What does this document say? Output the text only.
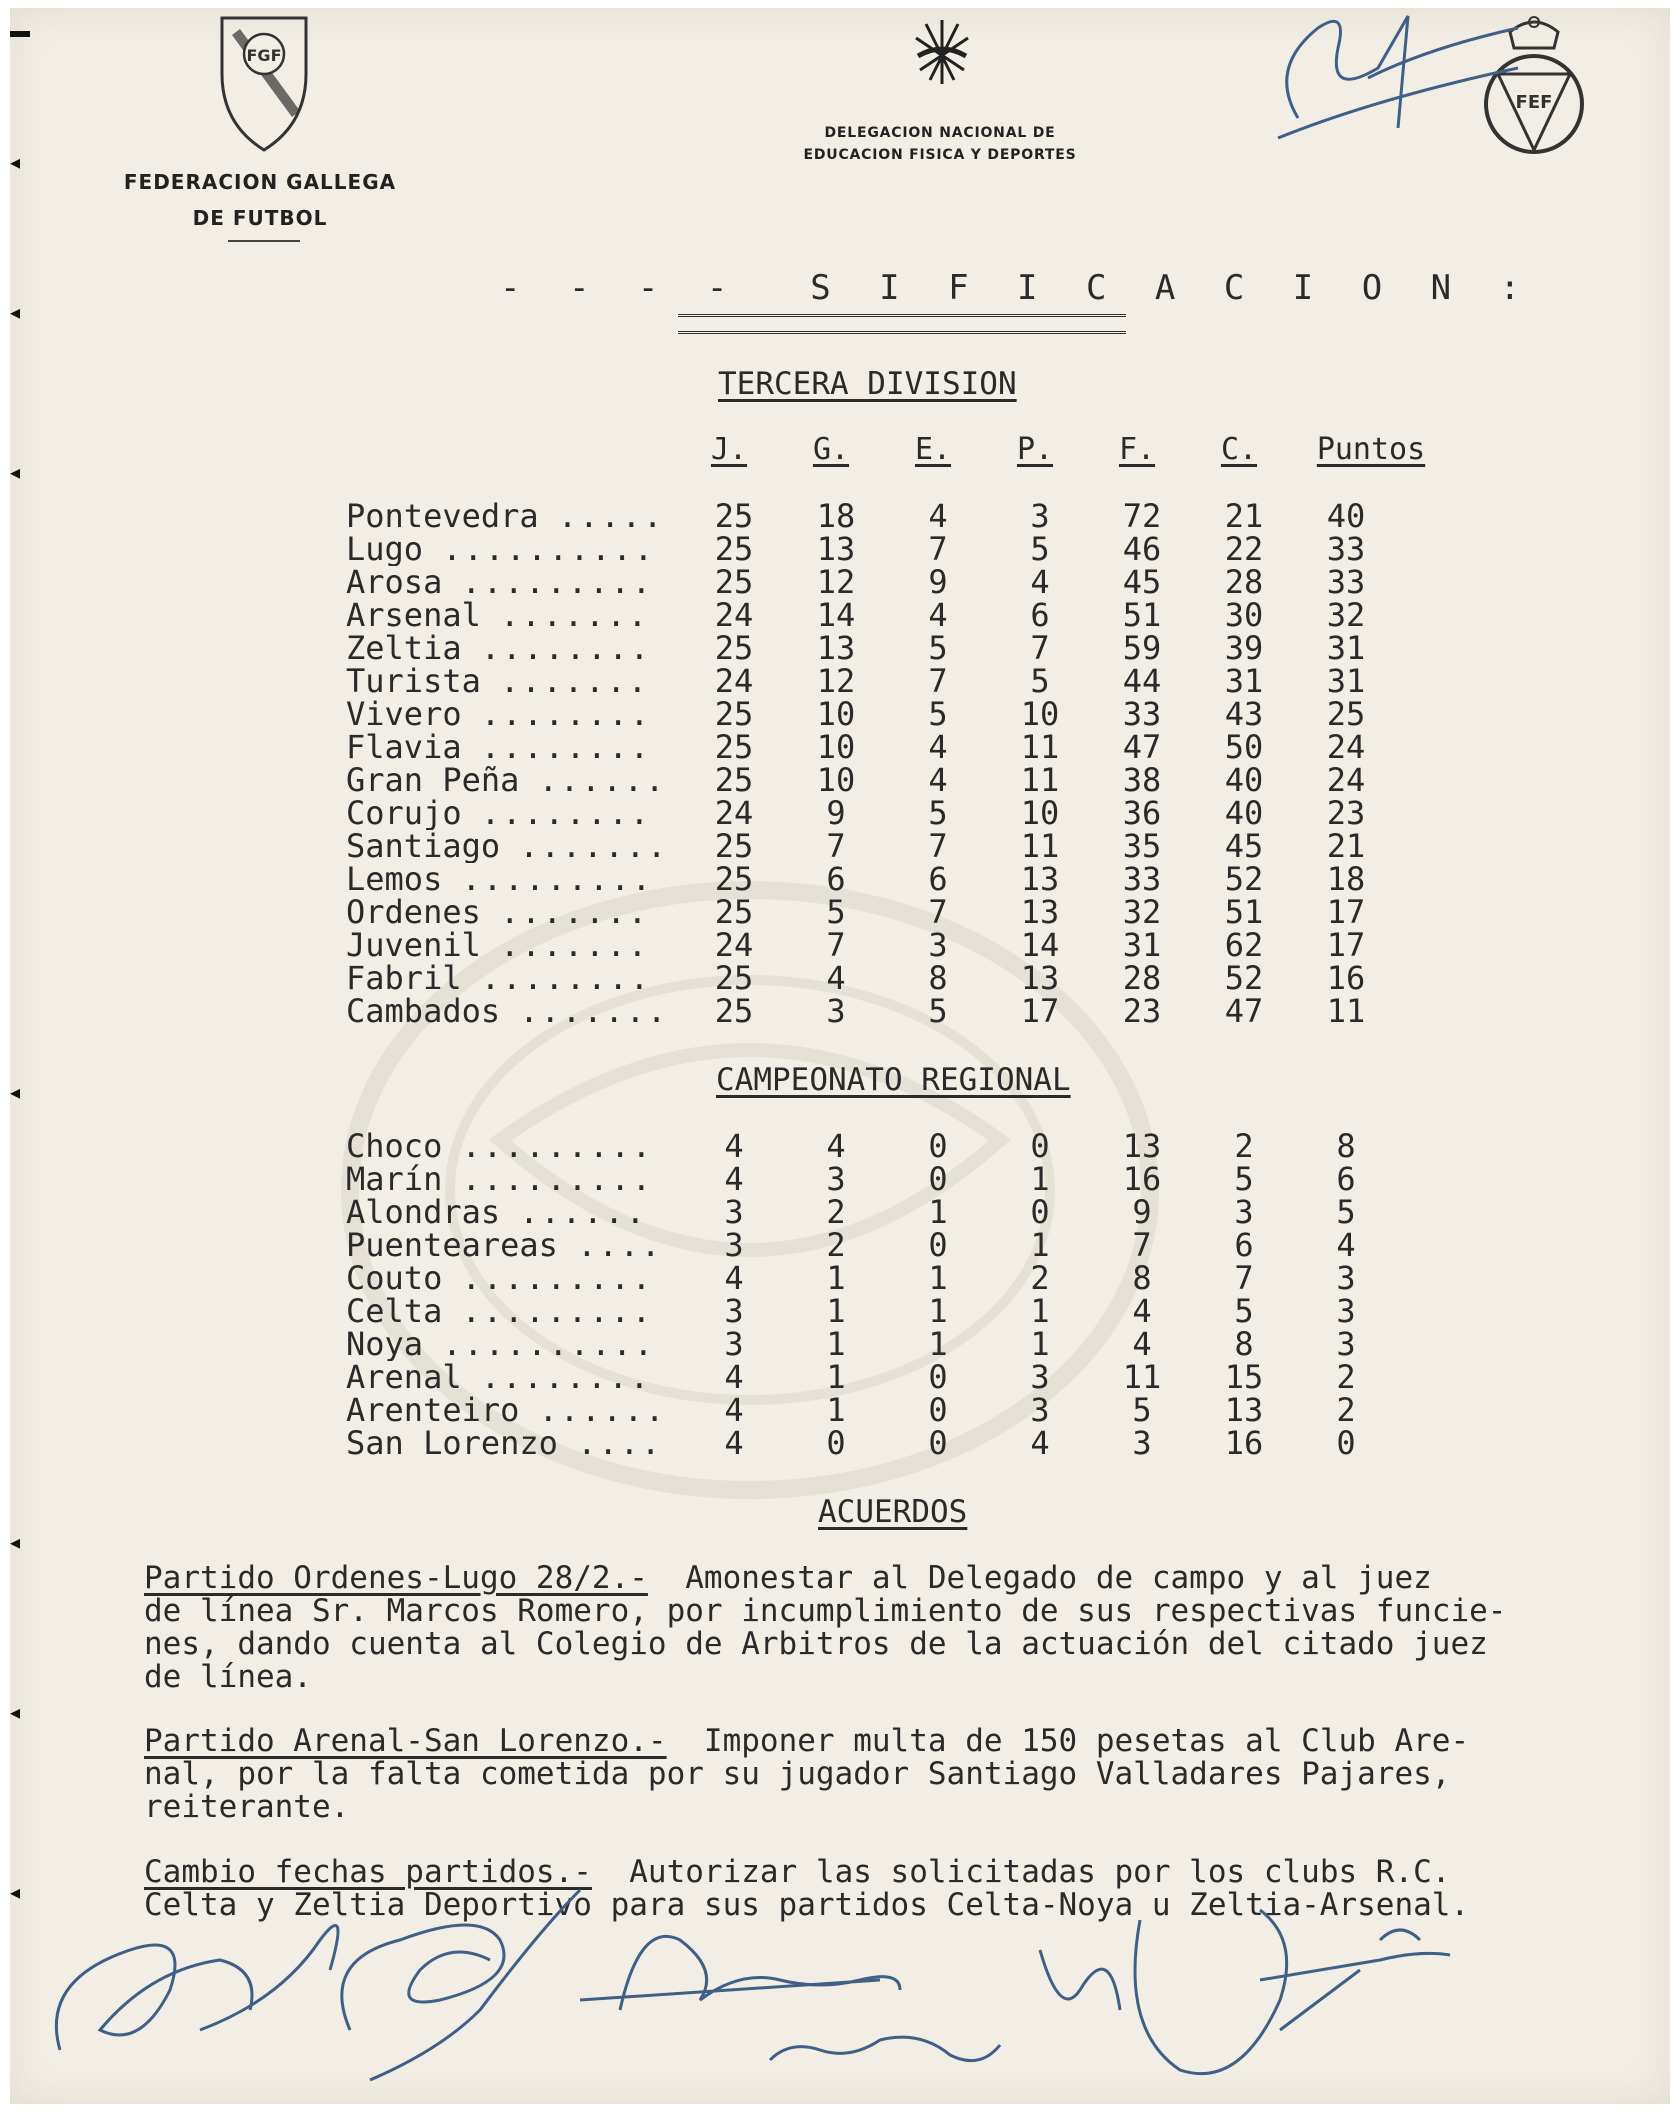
▬
◂
◂
◂
◂
◂
◂
◂
FGF
FEDERACION GALLEGA
DE FUTBOL
DELEGACION NACIONAL DE
EDUCACION FISICA Y DEPORTES
FEF
- - - -  S I F I C A C I O N :
TERCERA DIVISION
J.	G.	E.	P.	F.	C.	Puntos
Pontevedra .....	25	18	4	3	72	21	40
Lugo ..........	25	13	7	5	46	22	33
Arosa .........	25	12	9	4	45	28	33
Arsenal .......	24	14	4	6	51	30	32
Zeltia ........	25	13	5	7	59	39	31
Turista .......	24	12	7	5	44	31	31
Vivero ........	25	10	5	10	33	43	25
Flavia ........	25	10	4	11	47	50	24
Gran Peña ......	25	10	4	11	38	40	24
Corujo ........	24	9	5	10	36	40	23
Santiago .......	25	7	7	11	35	45	21
Lemos .........	25	6	6	13	33	52	18
Ordenes .......	25	5	7	13	32	51	17
Juvenil .......	24	7	3	14	31	62	17
Fabril ........	25	4	8	13	28	52	16
Cambados .......	25	3	5	17	23	47	11
CAMPEONATO REGIONAL
Choco .........	4	4	0	0	13	2	8
Marín .........	4	3	0	1	16	5	6
Alondras ......	3	2	1	0	9	3	5
Puenteareas ....	3	2	0	1	7	6	4
Couto .........	4	1	1	2	8	7	3
Celta .........	3	1	1	1	4	5	3
Noya ..........	3	1	1	1	4	8	3
Arenal ........	4	1	0	3	11	15	2
Arenteiro ......	4	1	0	3	5	13	2
San Lorenzo ....	4	0	0	4	3	16	0
ACUERDOS
Partido Ordenes-Lugo 28/2.-  Amonestar al Delegado de campo y al juez
de línea Sr. Marcos Romero, por incumplimiento de sus respectivas funcie-
nes, dando cuenta al Colegio de Arbitros de la actuación del citado juez
de línea.
Partido Arenal-San Lorenzo.-  Imponer multa de 150 pesetas al Club Are-
nal, por la falta cometida por su jugador Santiago Valladares Pajares,
reiterante.
Cambio fechas partidos.-  Autorizar las solicitadas por los clubs R.C.
Celta y Zeltia Deportivo para sus partidos Celta-Noya u Zeltia-Arsenal.
